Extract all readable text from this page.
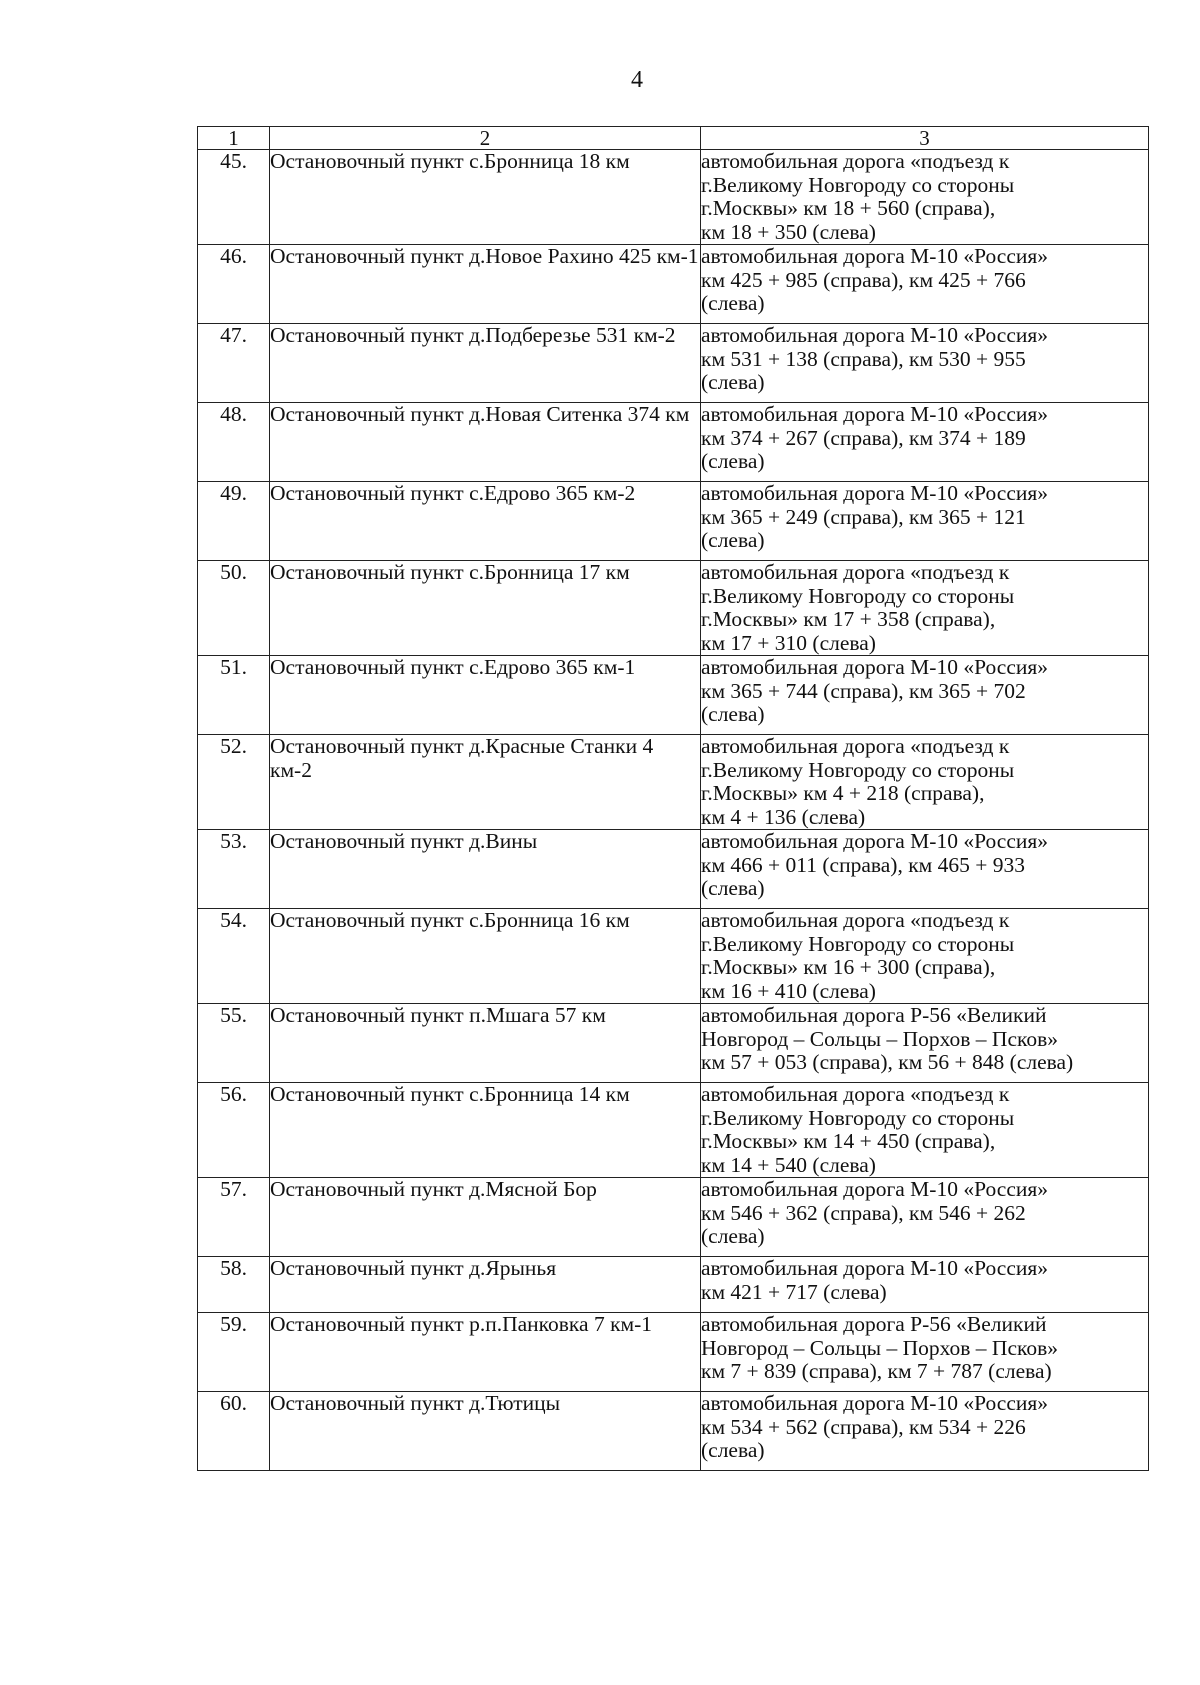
4
1	2	3
45.	Остановочный пункт с.Бронница 18 км	автомобильная дорога «подъезд к
г.Великому Новгороду со стороны
г.Москвы» км 18 + 560 (справа),
км 18 + 350 (слева)

46.	Остановочный пункт д.Новое Рахино 425 км-1	автомобильная дорога М-10 «Россия»
км 425 + 985 (справа), км 425 + 766
(слева)

47.	Остановочный пункт д.Подберезье 531 км-2	автомобильная дорога М-10 «Россия»
км 531 + 138 (справа), км 530 + 955
(слева)

48.	Остановочный пункт д.Новая Ситенка 374 км	автомобильная дорога М-10 «Россия»
км 374 + 267 (справа), км 374 + 189
(слева)

49.	Остановочный пункт с.Едрово 365 км-2	автомобильная дорога М-10 «Россия»
км 365 + 249 (справа), км 365 + 121
(слева)

50.	Остановочный пункт с.Бронница 17 км	автомобильная дорога «подъезд к
г.Великому Новгороду со стороны
г.Москвы» км 17 + 358 (справа),
км 17 + 310 (слева)

51.	Остановочный пункт с.Едрово 365 км-1	автомобильная дорога М-10 «Россия»
км 365 + 744 (справа), км 365 + 702
(слева)

52.	Остановочный пункт д.Красные Станки 4 км-2	автомобильная дорога «подъезд к
г.Великому Новгороду со стороны
г.Москвы» км 4 + 218 (справа),
км 4 + 136 (слева)

53.	Остановочный пункт д.Вины	автомобильная дорога М-10 «Россия»
км 466 + 011 (справа), км 465 + 933
(слева)

54.	Остановочный пункт с.Бронница 16 км	автомобильная дорога «подъезд к
г.Великому Новгороду со стороны
г.Москвы» км 16 + 300 (справа),
км 16 + 410 (слева)

55.	Остановочный пункт п.Мшага 57 км	автомобильная дорога Р-56 «Великий
Новгород – Сольцы – Порхов – Псков»
км 57 + 053 (справа), км 56 + 848 (слева)

56.	Остановочный пункт с.Бронница 14 км	автомобильная дорога «подъезд к
г.Великому Новгороду со стороны
г.Москвы» км 14 + 450 (справа),
км 14 + 540 (слева)

57.	Остановочный пункт д.Мясной Бор	автомобильная дорога М-10 «Россия»
км 546 + 362 (справа), км 546 + 262
(слева)

58.	Остановочный пункт д.Ярынья	автомобильная дорога М-10 «Россия»
км 421 + 717 (слева)

59.	Остановочный пункт р.п.Панковка 7 км-1	автомобильная дорога Р-56 «Великий
Новгород – Сольцы – Порхов – Псков»
км 7 + 839 (справа), км 7 + 787 (слева)

60.	Остановочный пункт д.Тютицы	автомобильная дорога М-10 «Россия»
км 534 + 562 (справа), км 534 + 226
(слева)
